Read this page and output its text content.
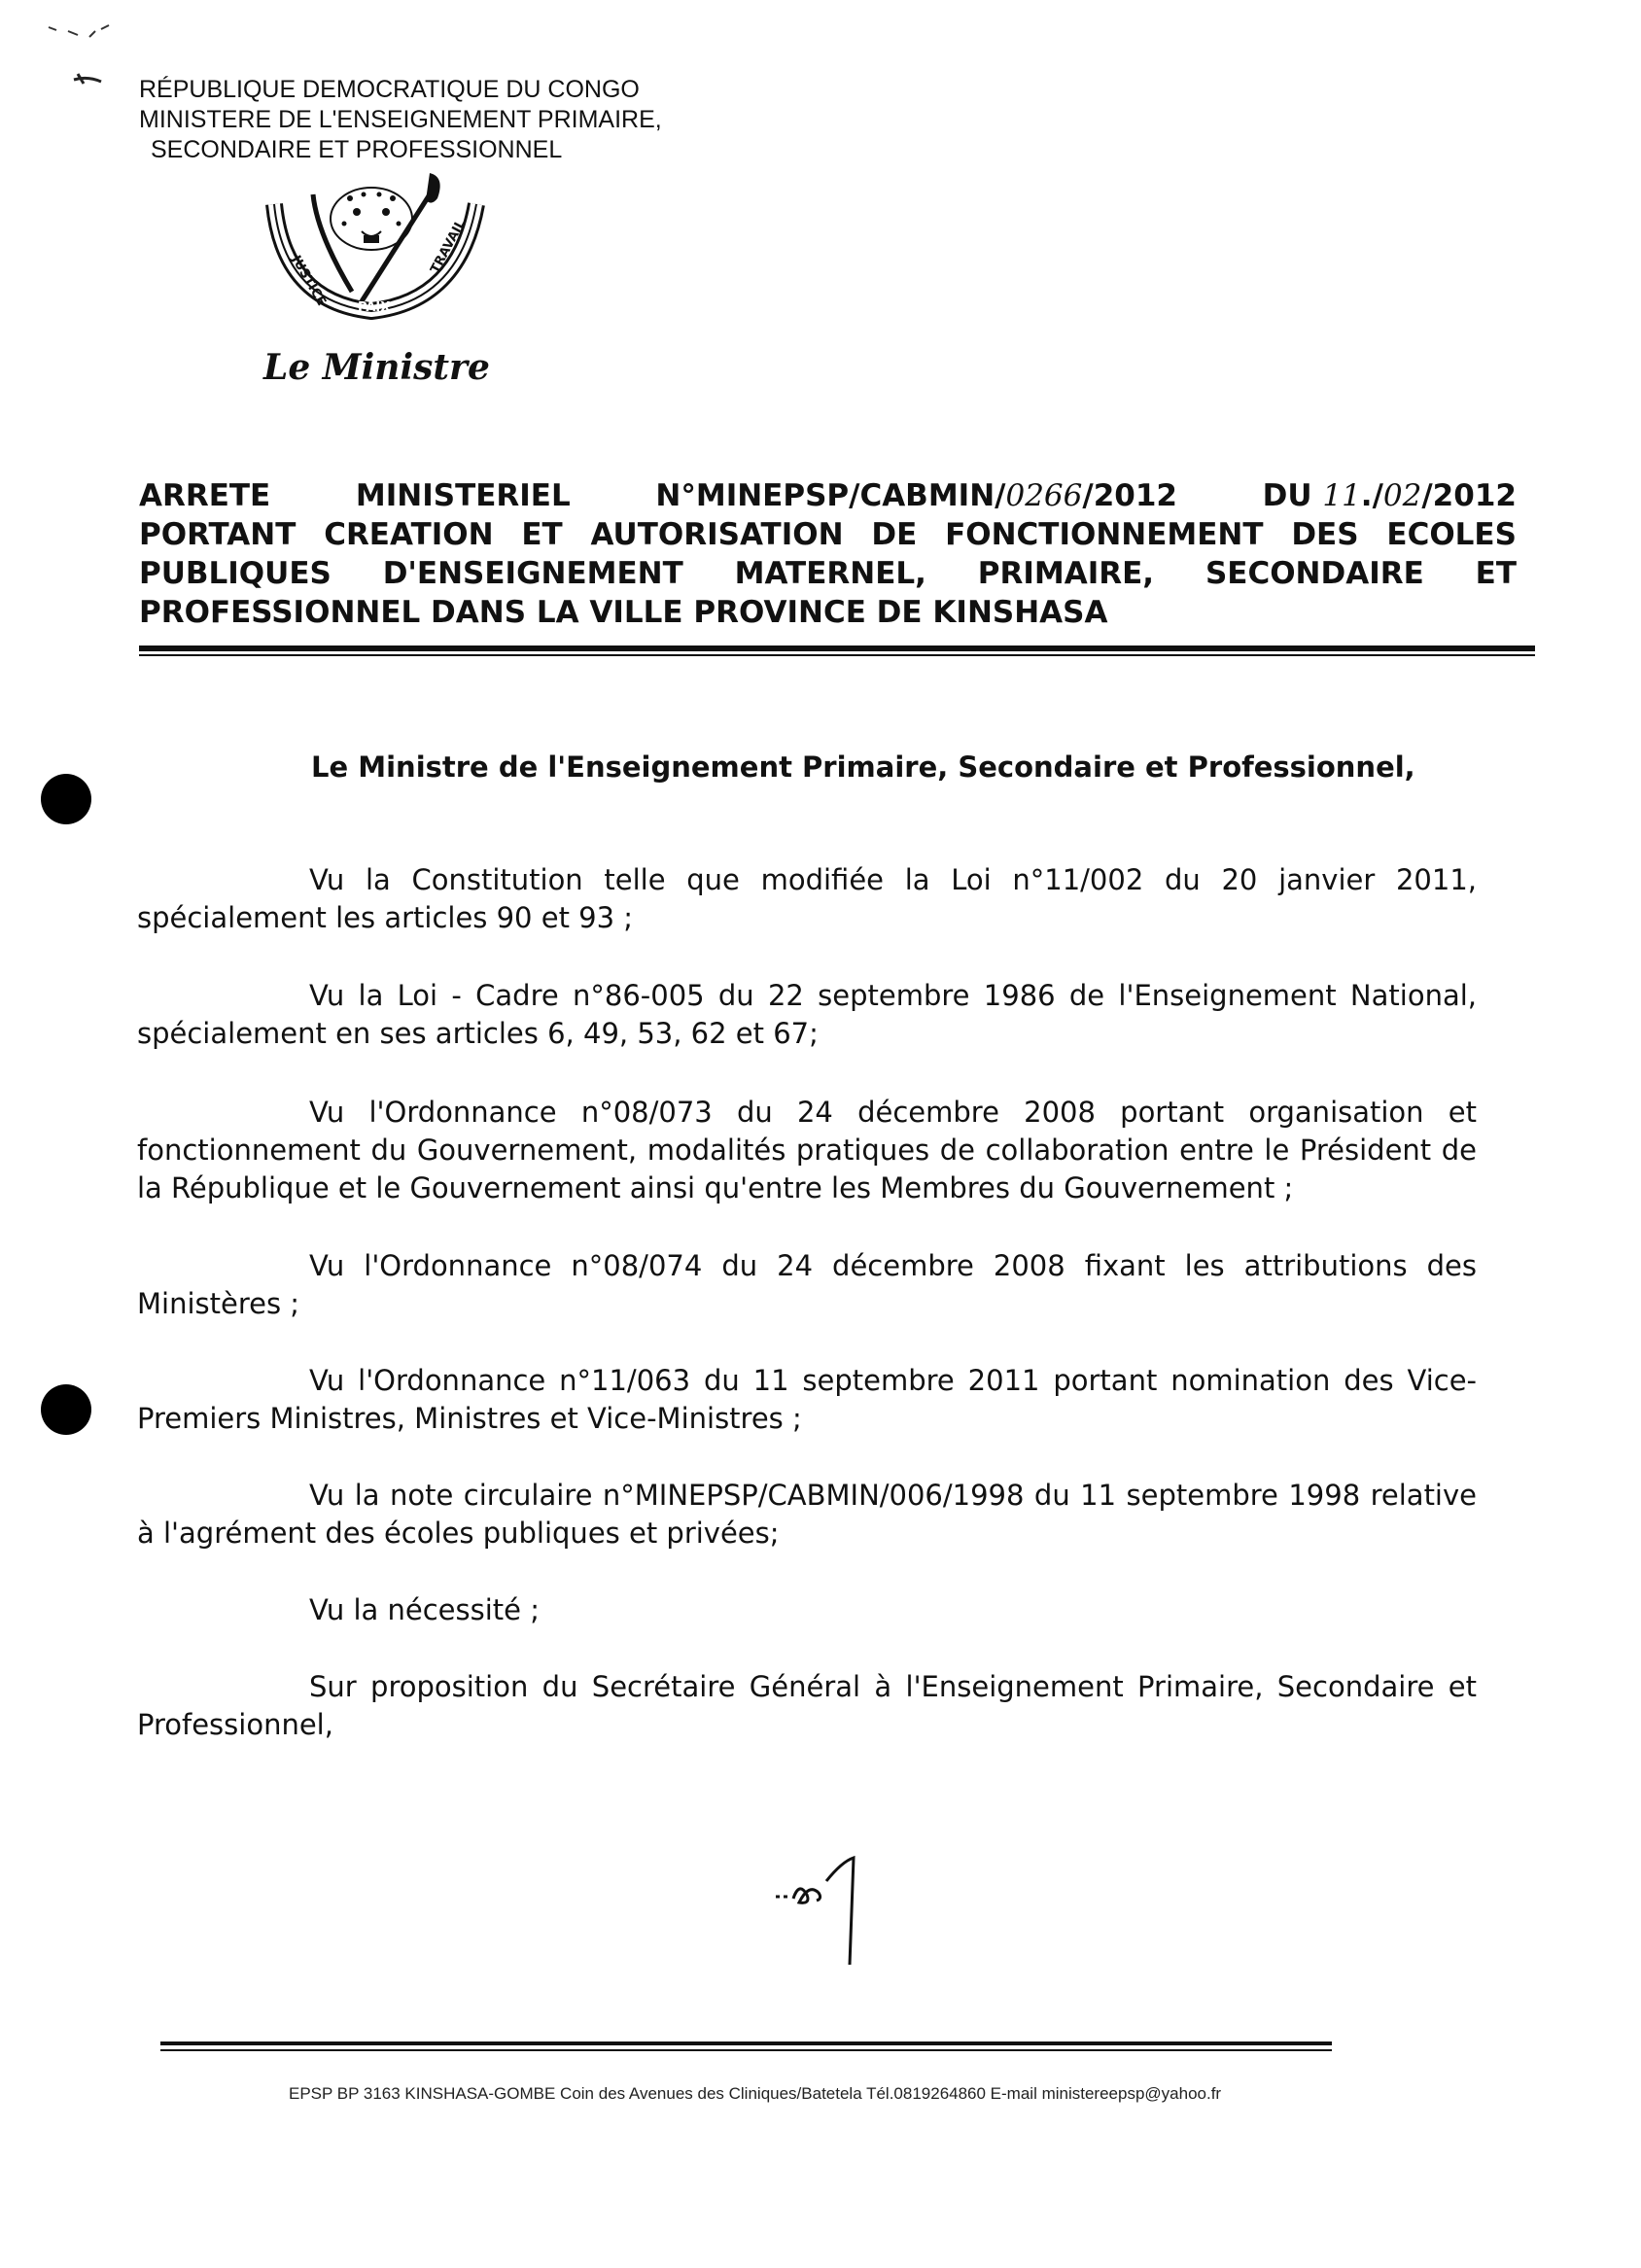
RÉPUBLIQUE DEMOCRATIQUE DU CONGO
MINISTERE DE L'ENSEIGNEMENT PRIMAIRE,
SECONDAIRE ET PROFESSIONNEL
JUSTICE PAIX
TRAVAIL
Le Ministre
ARRETE	MINISTERIEL	N°MINEPSP/CABMIN/0266/2012	DU 11./02/2012
PORTANT CREATION ET AUTORISATION DE FONCTIONNEMENT DES ECOLES
PUBLIQUES D'ENSEIGNEMENT MATERNEL, PRIMAIRE, SECONDAIRE ET
PROFESSIONNEL DANS LA VILLE PROVINCE DE KINSHASA
Le Ministre de l'Enseignement Primaire, Secondaire et Professionnel,
Vu la Constitution telle que modifiée la Loi n°11/002 du 20 janvier 2011, spécialement les articles 90 et 93 ;
Vu la Loi - Cadre n°86-005 du 22 septembre 1986 de l'Enseignement National, spécialement en ses articles 6, 49, 53, 62 et 67;
Vu l'Ordonnance n°08/073 du 24 décembre 2008 portant organisation et fonctionnement du Gouvernement, modalités pratiques de collaboration entre le Président de la République et le Gouvernement ainsi qu'entre les Membres du Gouvernement ;
Vu l'Ordonnance n°08/074 du 24 décembre 2008 fixant les attributions des Ministères ;
Vu l'Ordonnance n°11/063 du 11 septembre 2011 portant nomination des Vice-Premiers Ministres, Ministres et Vice-Ministres ;
Vu la note circulaire n°MINEPSP/CABMIN/006/1998 du 11 septembre 1998 relative à l'agrément des écoles publiques et privées;
Vu la nécessité ;
Sur proposition du Secrétaire Général à l'Enseignement Primaire, Secondaire et Professionnel,
EPSP BP 3163 KINSHASA-GOMBE Coin des Avenues des Cliniques/Batetela Tél.0819264860 E-mail ministereepsp@yahoo.fr
